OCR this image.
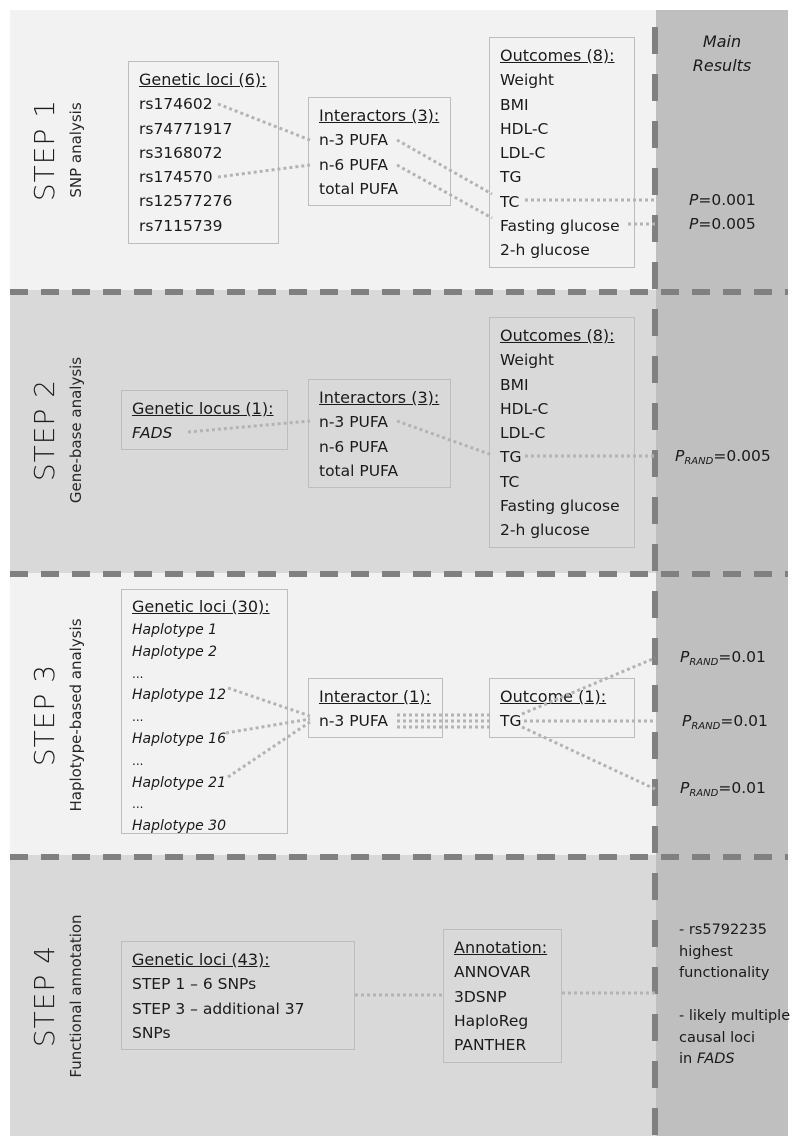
Main
Results
STEP 1 SNP analysis
STEP 2 Gene-base analysis
STEP 3 Haplotype-based analysis
STEP 4 Functional annotation
Genetic loci (6):
rs174602
rs74771917
rs3168072
rs174570
rs12577276
rs7115739
Interactors (3):
n-3 PUFA
n-6 PUFA
total PUFA
Outcomes (8):
Weight
BMI
HDL-C
LDL-C
TG
TC
Fasting glucose
2-h glucose
P=0.001
P=0.005
Genetic locus (1):
FADS
Interactors (3):
n-3 PUFA
n-6 PUFA
total PUFA
Outcomes (8):
Weight
BMI
HDL-C
LDL-C
TG
TC
Fasting glucose
2-h glucose
$P_{RAND}=0.005$
Genetic loci (30):
Haplotype 1
Haplotype 2
...
Haplotype 12
...
Haplotype 16
...
Haplotype 21
...
Haplotype 30
Interactor (1):
n-3 PUFA
Outcome (1):
TG
$P_{RAND}=0.01$
$P_{RAND}=0.01$
$P_{RAND}=0.01$
Genetic loci (43):
STEP 1 – 6 SNPs
STEP 3 – additional 37
SNPs
Annotation:
ANNOVAR
3DSNP
HaploReg
PANTHER
- rs5792235
highest
functionality
- likely multiple
causal loci
in FADS
